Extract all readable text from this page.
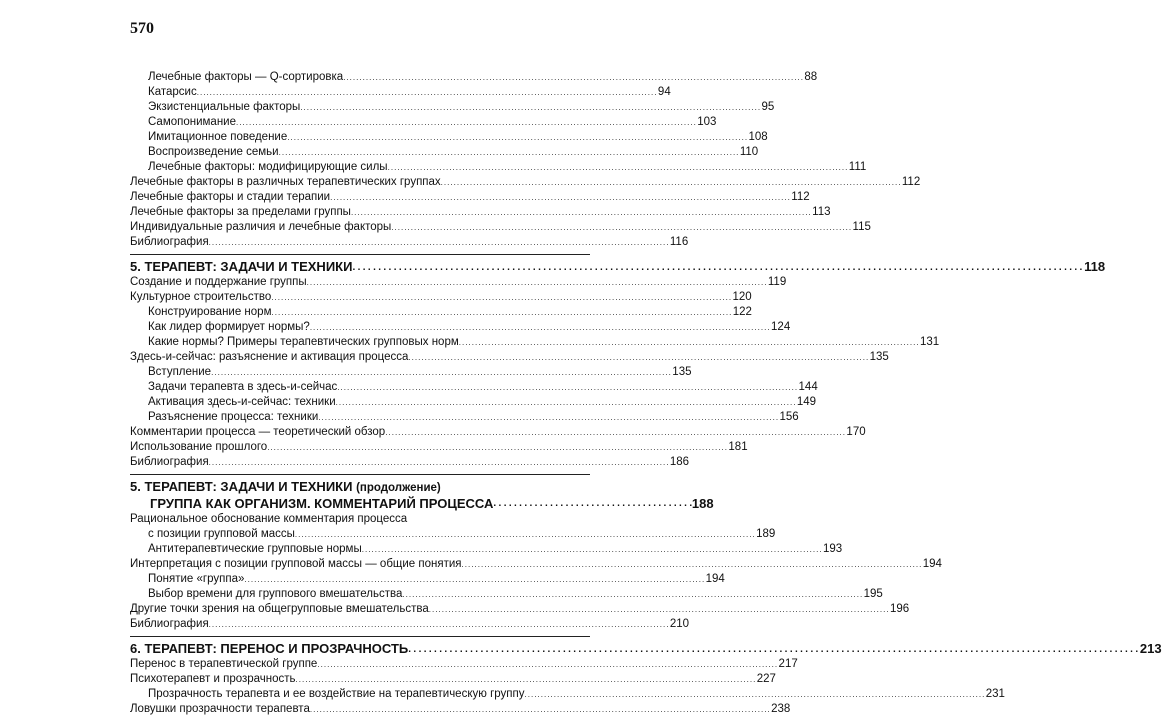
570
Лечебные факторы — Q-сортировка . . .	88
Катарсис . . .	94
Экзистенциальные факторы . . .	95
Самопонимание . . .	103
Имитационное поведение . . .	108
Воспроизведение семьи . . .	110
Лечебные факторы: модифицирующие силы . . .	111
Лечебные факторы в различных терапевтических группах . . .	112
Лечебные факторы и стадии терапии . . .	112
Лечебные факторы за пределами группы . . .	113
Индивидуальные различия и лечебные факторы . . .	115
Библиография . . .	116
5. ТЕРАПЕВТ: ЗАДАЧИ И ТЕХНИКИ . . .	118
Создание и поддержание группы . . .	119
Культурное строительство . . .	120
Конструирование норм . . .	122
Как лидер формирует нормы? . . .	124
Какие нормы? Примеры терапевтических групповых норм . . .	131
Здесь-и-сейчас: разъяснение и активация процесса . . .	135
Вступление . . .	135
Задачи терапевта в здесь-и-сейчас . . .	144
Активация здесь-и-сейчас: техники . . .	149
Разъяснение процесса: техники . . .	156
Комментарии процесса — теоретический обзор . . .	170
Использование прошлого . . .	181
Библиография . . .	186
5. ТЕРАПЕВТ: ЗАДАЧИ И ТЕХНИКИ (продолжение)
ГРУППА КАК ОРГАНИЗМ. КОММЕНТАРИЙ ПРОЦЕССА . . .	188
Рациональное обоснование комментария процесса
с позиции групповой массы . . .	189
Антитерапевтические групповые нормы . . .	193
Интерпретация с позиции групповой массы — общие понятия . . .	194
Понятие «группа» . . .	194
Выбор времени для группового вмешательства . . .	195
Другие точки зрения на общегрупповые вмешательства . . .	196
Библиография . . .	210
6. ТЕРАПЕВТ: ПЕРЕНОС И ПРОЗРАЧНОСТЬ . . .	213
Перенос в терапевтической группе . . .	217
Психотерапевт и прозрачность . . .	227
Прозрачность терапевта и ее воздействие на терапевтическую группу . . .	231
Ловушки прозрачности терапевта . . .	238
